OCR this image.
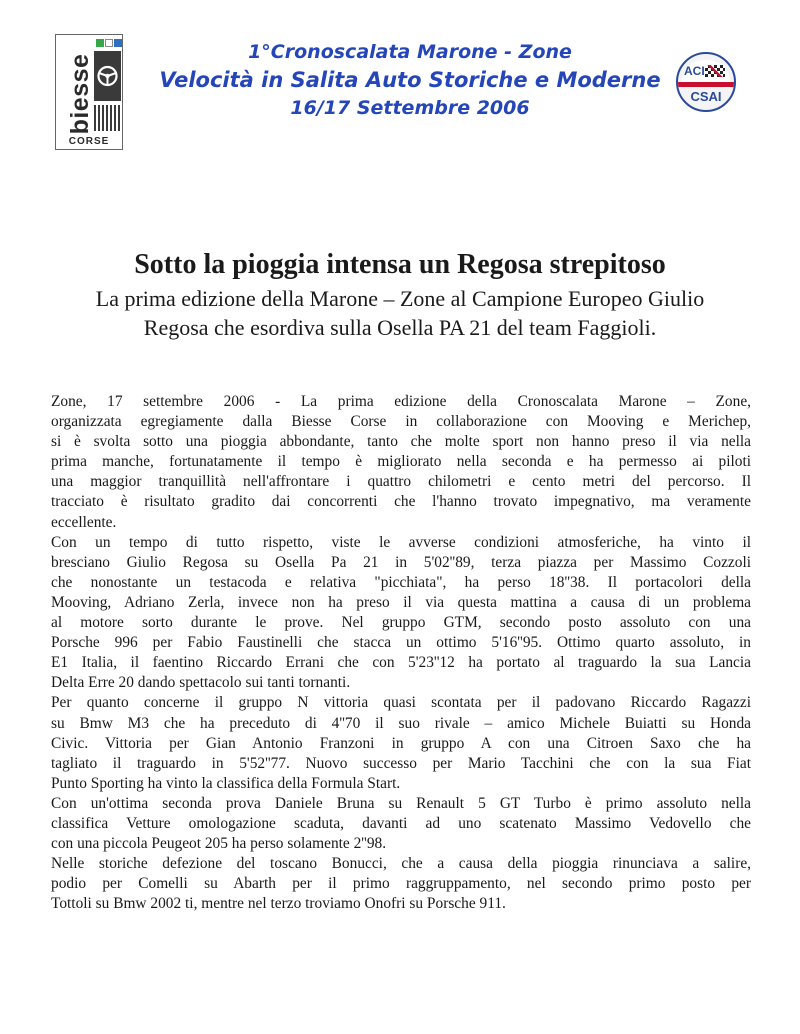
biesse
CORSE
1°Cronoscalata Marone - Zone
Velocità in Salita Auto Storiche e Moderne
16/17 Settembre 2006
ACI
CSAI
Sotto la pioggia intensa un Regosa strepitoso
La prima edizione della Marone – Zone al Campione Europeo Giulio
Regosa che esordiva sulla Osella PA 21 del team Faggioli.
Zone, 17 settembre 2006 - La prima edizione della Cronoscalata Marone – Zone,
organizzata egregiamente dalla Biesse Corse in collaborazione con Mooving e Merichep,
si è svolta sotto una pioggia abbondante, tanto che molte sport non hanno preso il via nella
prima manche, fortunatamente il tempo è migliorato nella seconda e ha permesso ai piloti
una maggior tranquillità nell'affrontare i quattro chilometri e cento metri del percorso. Il
tracciato è risultato gradito dai concorrenti che l'hanno trovato impegnativo, ma veramente
eccellente.
Con un tempo di tutto rispetto, viste le avverse condizioni atmosferiche, ha vinto il
bresciano Giulio Regosa su Osella Pa 21 in 5'02''89, terza piazza per Massimo Cozzoli
che nonostante un testacoda e relativa "picchiata", ha perso 18''38. Il portacolori della
Mooving, Adriano Zerla, invece non ha preso il via questa mattina a causa di un problema
al motore sorto durante le prove. Nel gruppo GTM, secondo posto assoluto con una
Porsche 996 per Fabio Faustinelli che stacca un ottimo 5'16''95. Ottimo quarto assoluto, in
E1 Italia, il faentino Riccardo Errani che con 5'23''12 ha portato al traguardo la sua Lancia
Delta Erre 20 dando spettacolo sui tanti tornanti.
Per quanto concerne il gruppo N vittoria quasi scontata per il padovano Riccardo Ragazzi
su Bmw M3 che ha preceduto di 4''70 il suo rivale – amico Michele Buiatti su Honda
Civic. Vittoria per Gian Antonio Franzoni in gruppo A con una Citroen Saxo che ha
tagliato il traguardo in 5'52''77. Nuovo successo per Mario Tacchini che con la sua Fiat
Punto Sporting ha vinto la classifica della Formula Start.
Con un'ottima seconda prova Daniele Bruna su Renault 5 GT Turbo è primo assoluto nella
classifica Vetture omologazione scaduta, davanti ad uno scatenato Massimo Vedovello che
con una piccola Peugeot 205 ha perso solamente 2''98.
Nelle storiche defezione del toscano Bonucci, che a causa della pioggia rinunciava a salire,
podio per Comelli su Abarth per il primo raggruppamento, nel secondo primo posto per
Tottoli su Bmw 2002 ti, mentre nel terzo troviamo Onofri su Porsche 911.
